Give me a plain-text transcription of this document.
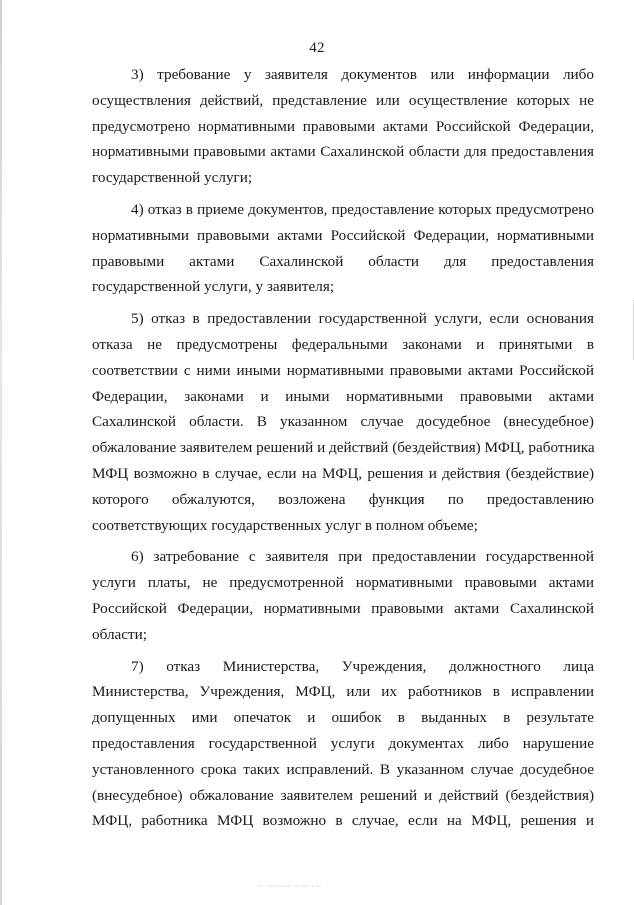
42
3) требование у заявителя документов или информации либо
осуществления действий, представление или осуществление которых не
предусмотрено нормативными правовыми актами Российской Федерации,
нормативными правовыми актами Сахалинской области для предоставления
государственной услуги;
4) отказ в приеме документов, предоставление которых предусмотрено
нормативными правовыми актами Российской Федерации, нормативными
правовыми актами Сахалинской области для предоставления
государственной услуги, у заявителя;
5) отказ в предоставлении государственной услуги, если основания
отказа не предусмотрены федеральными законами и принятыми в
соответствии с ними иными нормативными правовыми актами Российской
Федерации, законами и иными нормативными правовыми актами
Сахалинской области. В указанном случае досудебное (внесудебное)
обжалование заявителем решений и действий (бездействия) МФЦ, работника
МФЦ возможно в случае, если на МФЦ, решения и действия (бездействие)
которого обжалуются, возложена функция по предоставлению
соответствующих государственных услуг в полном объеме;
6) затребование с заявителя при предоставлении государственной
услуги платы, не предусмотренной нормативными правовыми актами
Российской Федерации, нормативными правовыми актами Сахалинской
области;
7) отказ Министерства, Учреждения, должностного лица
Министерства, Учреждения, МФЦ, или их работников в исправлении
допущенных ими опечаток и ошибок в выданных в результате
предоставления государственной услуги документах либо нарушение
установленного срока таких исправлений. В указанном случае досудебное
(внесудебное) обжалование заявителем решений и действий (бездействия)
МФЦ, работника МФЦ возможно в случае, если на МФЦ, решения и
~.~-~~ ~~.-~
